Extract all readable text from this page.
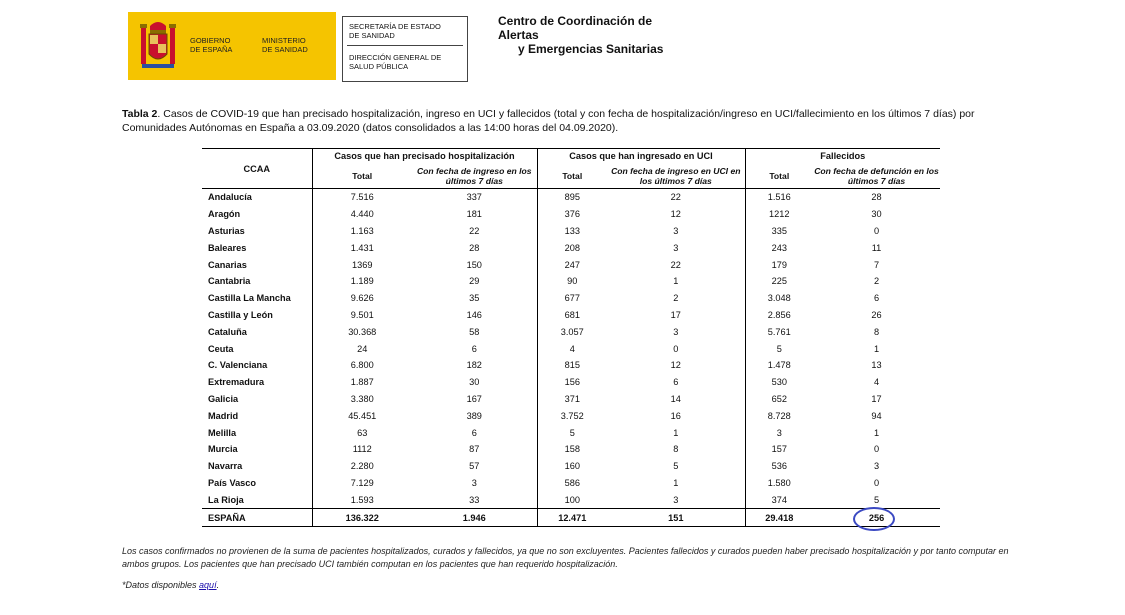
GOBIERNO
DE ESPAÑA
MINISTERIO
DE SANIDAD
SECRETARÍA DE ESTADO
DE SANIDAD
DIRECCIÓN GENERAL DE
SALUD PÚBLICA
Centro de Coordinación de Alertas
y Emergencias Sanitarias
Tabla 2. Casos de COVID-19 que han precisado hospitalización, ingreso en UCI y fallecidos (total y con fecha de hospitalización/ingreso en UCI/fallecimiento en los últimos 7 días) por Comunidades Autónomas en España a 03.09.2020 (datos consolidados a las 14:00 horas del 04.09.2020).
CCAA	Casos que han precisado hospitalización		Casos que han ingresado en UCI		Fallecidos	
	Total	Con fecha de ingreso en los últimos 7 días	Total	Con fecha de ingreso en UCI en los últimos 7 días	Total	Con fecha de defunción en los últimos 7 días
Andalucía	7.516	337	895	22	1.516	28
Aragón	4.440	181	376	12	1212	30
Asturias	1.163	22	133	3	335	0
Baleares	1.431	28	208	3	243	11
Canarias	1369	150	247	22	179	7
Cantabria	1.189	29	90	1	225	2
Castilla La Mancha	9.626	35	677	2	3.048	6
Castilla y León	9.501	146	681	17	2.856	26
Cataluña	30.368	58	3.057	3	5.761	8
Ceuta	24	6	4	0	5	1
C. Valenciana	6.800	182	815	12	1.478	13
Extremadura	1.887	30	156	6	530	4
Galicia	3.380	167	371	14	652	17
Madrid	45.451	389	3.752	16	8.728	94
Melilla	63	6	5	1	3	1
Murcia	1112	87	158	8	157	0
Navarra	2.280	57	160	5	536	3
País Vasco	7.129	3	586	1	1.580	0
La Rioja	1.593	33	100	3	374	5
ESPAÑA	136.322	1.946	12.471	151	29.418	256
Los casos confirmados no provienen de la suma de pacientes hospitalizados, curados y fallecidos, ya que no son excluyentes. Pacientes fallecidos y curados pueden haber precisado hospitalización y por tanto computar en ambos grupos. Los pacientes que han precisado UCI también computan en los pacientes que han requerido hospitalización.
*Datos disponibles aquí.
